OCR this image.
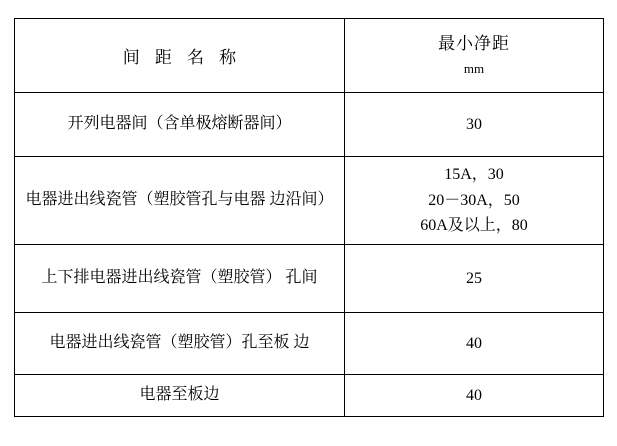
间 距 名 称	最小净距
mm

开列电器间（含单极熔断器间）	30

电器进出线瓷管（塑胶管孔与电器 边沿间）	15A，30
20－30A，50
60A及以上，80

上下排电器进出线瓷管（塑胶管） 孔间	25

电器进出线瓷管（塑胶管）孔至板 边	40

电器至板边	40
